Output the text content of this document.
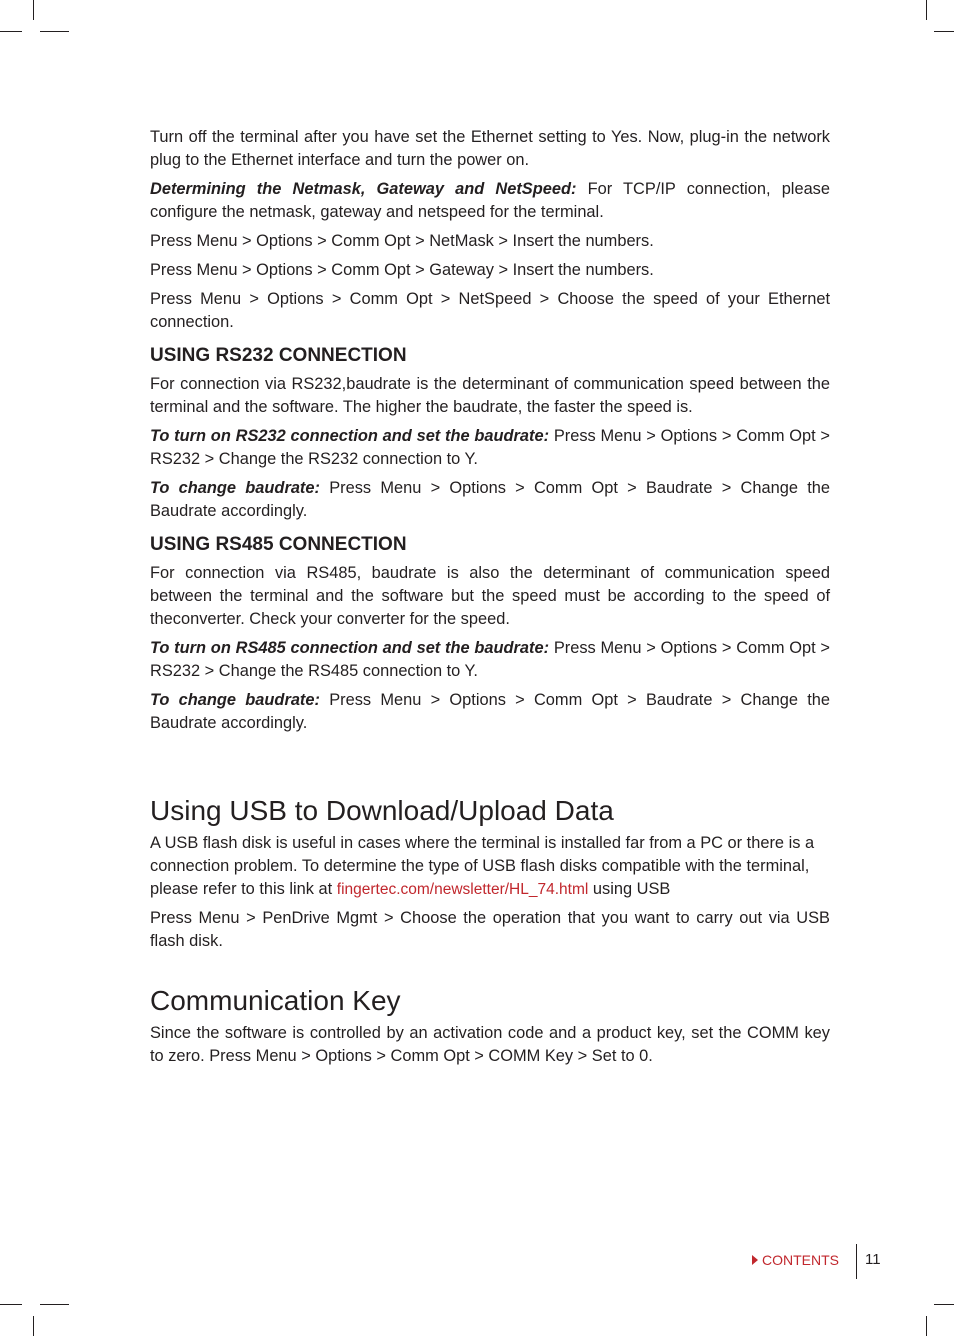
Turn off the terminal after you have set the Ethernet setting to Yes. Now, plug-in the network plug to the Ethernet interface and turn the power on.

Determining the Netmask, Gateway and NetSpeed: For TCP/IP connection, please configure the netmask, gateway and netspeed for the terminal.

Press Menu > Options > Comm Opt > NetMask > Insert the numbers.

Press Menu > Options > Comm Opt > Gateway > Insert the numbers.

Press Menu > Options > Comm Opt > NetSpeed > Choose the speed of your Ethernet connection.

USING RS232 CONNECTION

For connection via RS232,baudrate is the determinant of communication speed between the terminal and the software. The higher the baudrate, the faster the speed is.

To turn on RS232 connection and set the baudrate: Press Menu > Options > Comm Opt > RS232 > Change the RS232 connection to Y.

To change baudrate: Press Menu > Options > Comm Opt > Baudrate > Change the Baudrate accordingly.

USING RS485 CONNECTION

For connection via RS485, baudrate is also the determinant of communication speed between the terminal and the software but the speed must be according to the speed of theconverter. Check your converter for the speed.

To turn on RS485 connection and set the baudrate: Press Menu > Options > Comm Opt > RS232 > Change the RS485 connection to Y.

To change baudrate: Press Menu > Options > Comm Opt > Baudrate > Change the Baudrate accordingly.

Using USB to Download/Upload Data

A USB flash disk is useful in cases where the terminal is installed far from a PC or there is a connection problem. To determine the type of USB flash disks compatible with the terminal, please refer to this link at fingertec.com/newsletter/HL_74.html using USB

Press Menu > PenDrive Mgmt > Choose the operation that you want to carry out via USB flash disk.

Communication Key

Since the software is controlled by an activation code and a product key, set the COMM key to zero. Press Menu > Options > Comm Opt > COMM Key > Set to 0.

CONTENTS 11
